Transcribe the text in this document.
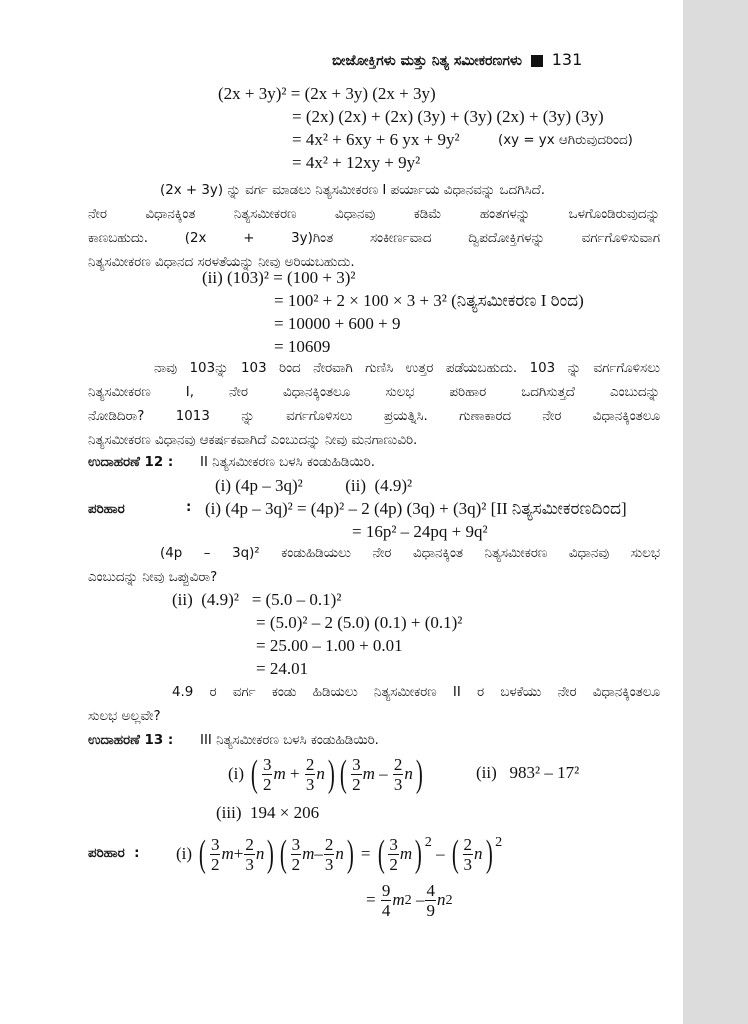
ಬೀಜೋಕ್ತಿಗಳು ಮತ್ತು ನಿತ್ಯ ಸಮೀಕರಣಗಳು 131
(2x + 3y)² = (2x + 3y) (2x + 3y)
= (2x) (2x) + (2x) (3y) + (3y) (2x) + (3y) (3y)
= 4x² + 6xy + 6 yx + 9y²	(xy = yx ಆಗಿರುವುದರಿಂದ)
= 4x² + 12xy + 9y²
(2x + 3y) ನ್ನು ವರ್ಗ ಮಾಡಲು ನಿತ್ಯಸಮೀಕರಣ I ಪರ್ಯಾಯ ವಿಧಾನವನ್ನು ಒದಗಿಸಿದೆ.
ನೇರ ವಿಧಾನಕ್ಕಿಂತ ನಿತ್ಯಸಮೀಕರಣ ವಿಧಾನವು ಕಡಿಮೆ ಹಂತಗಳನ್ನು ಒಳಗೊಂಡಿರುವುದನ್ನು
ಕಾಣಬಹುದು. (2x + 3y)ಗಿಂತ ಸಂಕೀರ್ಣವಾದ ದ್ವಿಪದೋಕ್ತಿಗಳನ್ನು ವರ್ಗಗೊಳಿಸುವಾಗ
ನಿತ್ಯಸಮೀಕರಣ ವಿಧಾನದ ಸರಳತೆಯನ್ನು ನೀವು ಅರಿಯಬಹುದು.
(ii) (103)² = (100 + 3)²
= 100² + 2 × 100 × 3 + 3² (ನಿತ್ಯಸಮೀಕರಣ I ರಿಂದ)
= 10000 + 600 + 9
= 10609
ನಾವು 103ನ್ನು 103 ರಿಂದ ನೇರವಾಗಿ ಗುಣಿಸಿ ಉತ್ತರ ಪಡೆಯಬಹುದು. 103 ನ್ನು ವರ್ಗಗೊಳಿಸಲು
ನಿತ್ಯಸಮೀಕರಣ I, ನೇರ ವಿಧಾನಕ್ಕಿಂತಲೂ ಸುಲಭ ಪರಿಹಾರ ಒದಗಿಸುತ್ತದೆ ಎಂಬುದನ್ನು
ನೋಡಿದಿರಾ? 1013 ನ್ನು ವರ್ಗಗೊಳಿಸಲು ಪ್ರಯತ್ನಿಸಿ. ಗುಣಾಕಾರದ ನೇರ ವಿಧಾನಕ್ಕಿಂತಲೂ
ನಿತ್ಯಸಮೀಕರಣ ವಿಧಾನವು ಆಕರ್ಷಕವಾಗಿದೆ ಎಂಬುದನ್ನು ನೀವು ಮನಗಾಣುವಿರಿ.
ಉದಾಹರಣೆ 12 : II ನಿತ್ಯಸಮೀಕರಣ ಬಳಸಿ ಕಂಡುಹಿಡಿಯಿರಿ.
(i) (4p – 3q)²          (ii)  (4.9)²
ಪರಿಹಾರ	: (i) (4p – 3q)² = (4p)² – 2 (4p) (3q) + (3q)² [II ನಿತ್ಯಸಮೀಕರಣದಿಂದ]
= 16p² – 24pq + 9q²
(4p – 3q)² ಕಂಡುಹಿಡಿಯಲು ನೇರ ವಿಧಾನಕ್ಕಿಂತ ನಿತ್ಯಸಮೀಕರಣ ವಿಧಾನವು ಸುಲಭ
ಎಂಬುದನ್ನು ನೀವು ಒಪ್ಪುವಿರಾ?
(ii)  (4.9)²   = (5.0 – 0.1)²
= (5.0)² – 2 (5.0) (0.1) + (0.1)²
= 25.00 – 1.00 + 0.01
= 24.01
4.9 ರ ವರ್ಗ ಕಂಡು ಹಿಡಿಯಲು ನಿತ್ಯಸಮೀಕರಣ II ರ ಬಳಕೆಯು ನೇರ ವಿಧಾನಕ್ಕಿಂತಲೂ
ಸುಲಭ ಅಲ್ಲವೇ?
ಉದಾಹರಣೆ 13 : III ನಿತ್ಯಸಮೀಕರಣ ಬಳಸಿ ಕಂಡುಹಿಡಿಯಿರಿ.
(i)
( $\frac{3}{2}$ m
+
$\frac{2}{3}$ n ) ( $\frac{3}{2}$ m
–
$\frac{2}{3}$ n )	(ii)   983² – 17²
(iii)  194 × 206
ಪರಿಹಾರ  : (i)
( $\frac{3}{2}$ $m + \frac{2}{3}$ n ) ( $\frac{3}{2}$ m – $\frac{2}{3}$ n ) = ( $\frac{3}{2}$ m )$^2$
– ( $\frac{2}{3}$ n )$^2$
=
$\frac{9}{4}$ m $2 - \frac{4}{9}$ n 2
